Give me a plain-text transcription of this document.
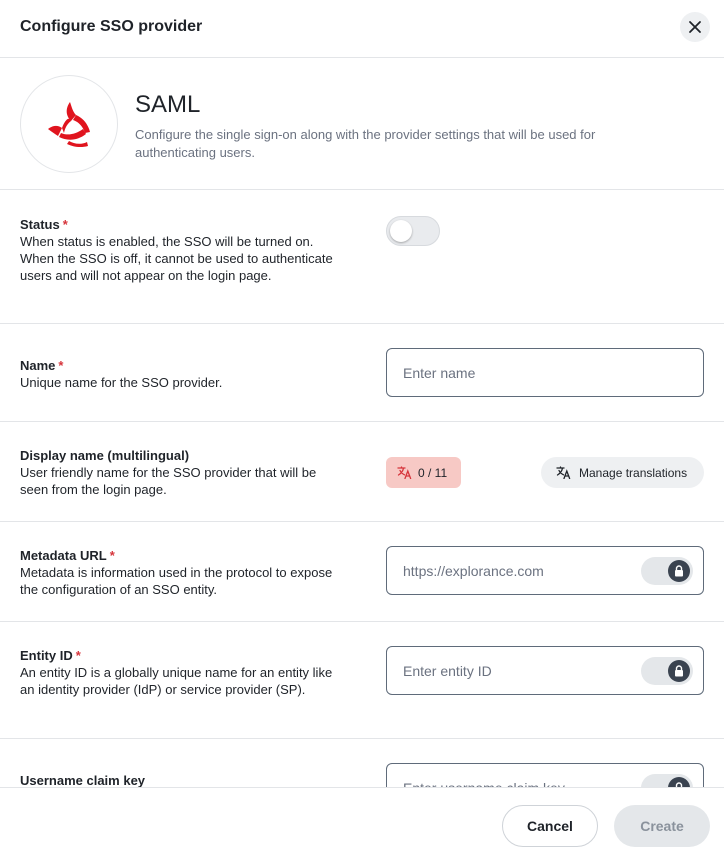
Configure SSO provider
SAML
Configure the single sign-on along with the provider settings that will be used for authenticating users.
Status *
When status is enabled, the SSO will be turned on. When the SSO is off, it cannot be used to authenticate users and will not appear on the login page.
Name *
Unique name for the SSO provider.
Enter name
Display name (multilingual)
User friendly name for the SSO provider that will be seen from the login page.
0 / 11	Manage translations
Metadata URL *
Metadata is information used in the protocol to expose the configuration of an SSO entity.
https://explorance.com
Entity ID *
An entity ID is a globally unique name for an entity like an identity provider (IdP) or service provider (SP).
Enter entity ID
Username claim key
Enter username claim key
Cancel	Create
